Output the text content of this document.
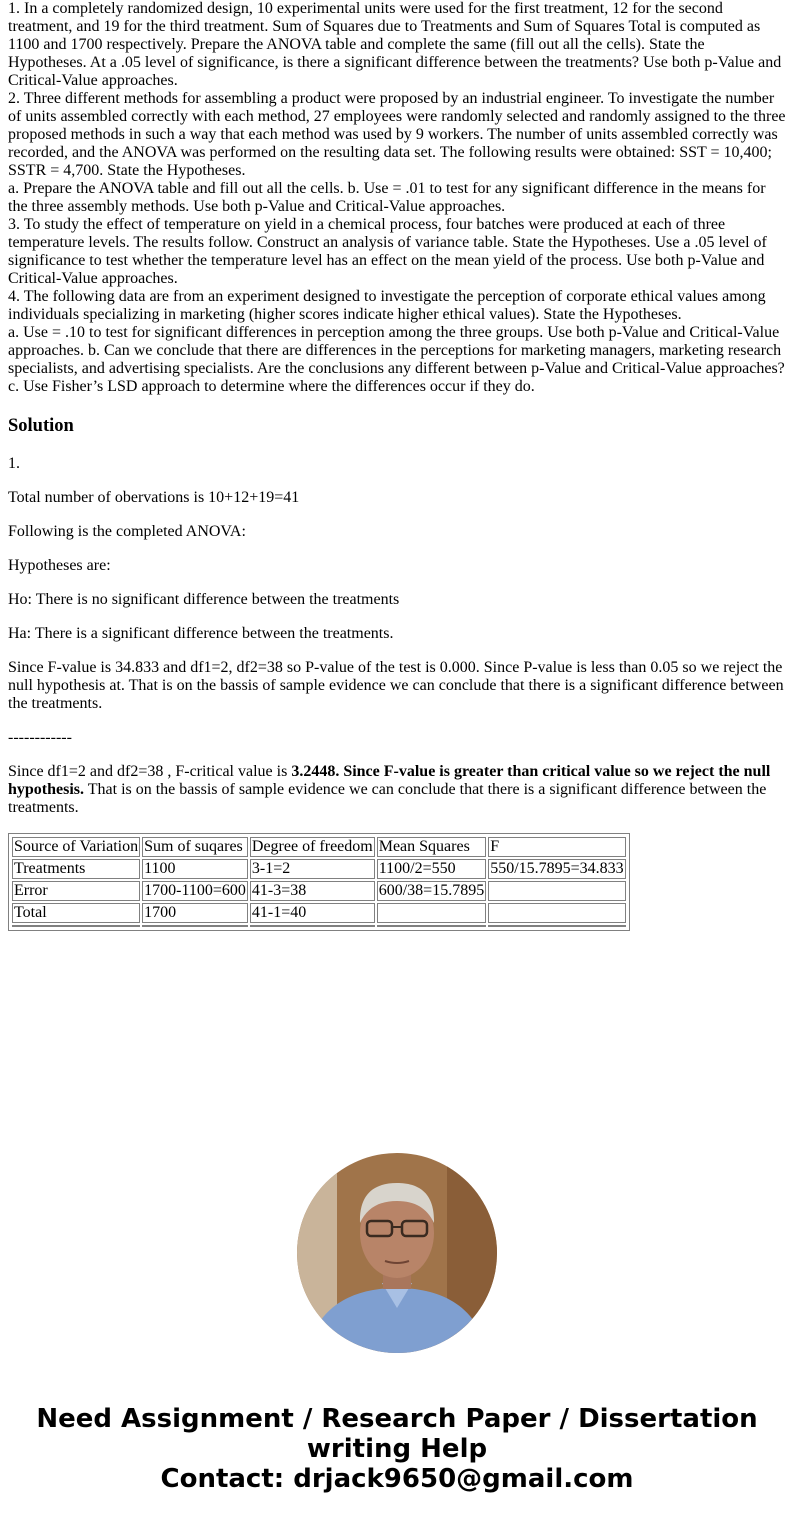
1. In a completely randomized design, 10 experimental units were used for the first treatment, 12 for the second treatment, and 19 for the third treatment. Sum of Squares due to Treatments and Sum of Squares Total is computed as 1100 and 1700 respectively. Prepare the ANOVA table and complete the same (fill out all the cells). State the Hypotheses. At a .05 level of significance, is there a significant difference between the treatments? Use both p-Value and Critical-Value approaches.

2. Three different methods for assembling a product were proposed by an industrial engineer. To investigate the number of units assembled correctly with each method, 27 employees were randomly selected and randomly assigned to the three proposed methods in such a way that each method was used by 9 workers. The number of units assembled correctly was recorded, and the ANOVA was performed on the resulting data set. The following results were obtained: SST = 10,400; SSTR = 4,700. State the Hypotheses.

a. Prepare the ANOVA table and fill out all the cells. b. Use = .01 to test for any significant difference in the means for the three assembly methods. Use both p-Value and Critical-Value approaches.

3. To study the effect of temperature on yield in a chemical process, four batches were produced at each of three temperature levels. The results follow. Construct an analysis of variance table. State the Hypotheses. Use a .05 level of significance to test whether the temperature level has an effect on the mean yield of the process. Use both p-Value and Critical-Value approaches.

4. The following data are from an experiment designed to investigate the perception of corporate ethical values among individuals specializing in marketing (higher scores indicate higher ethical values). State the Hypotheses.

a. Use = .10 to test for significant differences in perception among the three groups. Use both p-Value and Critical-Value approaches. b. Can we conclude that there are differences in the perceptions for marketing managers, marketing research specialists, and advertising specialists. Are the conclusions any different between p-Value and Critical-Value approaches? c. Use Fisher’s LSD approach to determine where the differences occur if they do.

Solution

1.

Total number of obervations is 10+12+19=41

Following is the completed ANOVA:

Hypotheses are:

Ho: There is no significant difference between the treatments

Ha: There is a significant difference between the treatments.

Since F-value is 34.833 and df1=2, df2=38 so P-value of the test is 0.000. Since P-value is less than 0.05 so we reject the null hypothesis at. That is on the bassis of sample evidence we can conclude that there is a significant difference between the treatments.

------------

Since df1=2 and df2=38 , F-critical value is 3.2448. Since F-value is greater than critical value so we reject the null hypothesis. That is on the bassis of sample evidence we can conclude that there is a significant difference between the treatments.

Source of Variation	Sum of suqares	Degree of freedom	Mean Squares	F
Treatments	1100	3-1=2	1100/2=550	550/15.7895=34.833
Error	1700-1100=600	41-3=38	600/38=15.7895	
Total	1700	41-1=40		

Need Assignment / Research Paper / Dissertation
writing Help
Contact: drjack9650@gmail.com
